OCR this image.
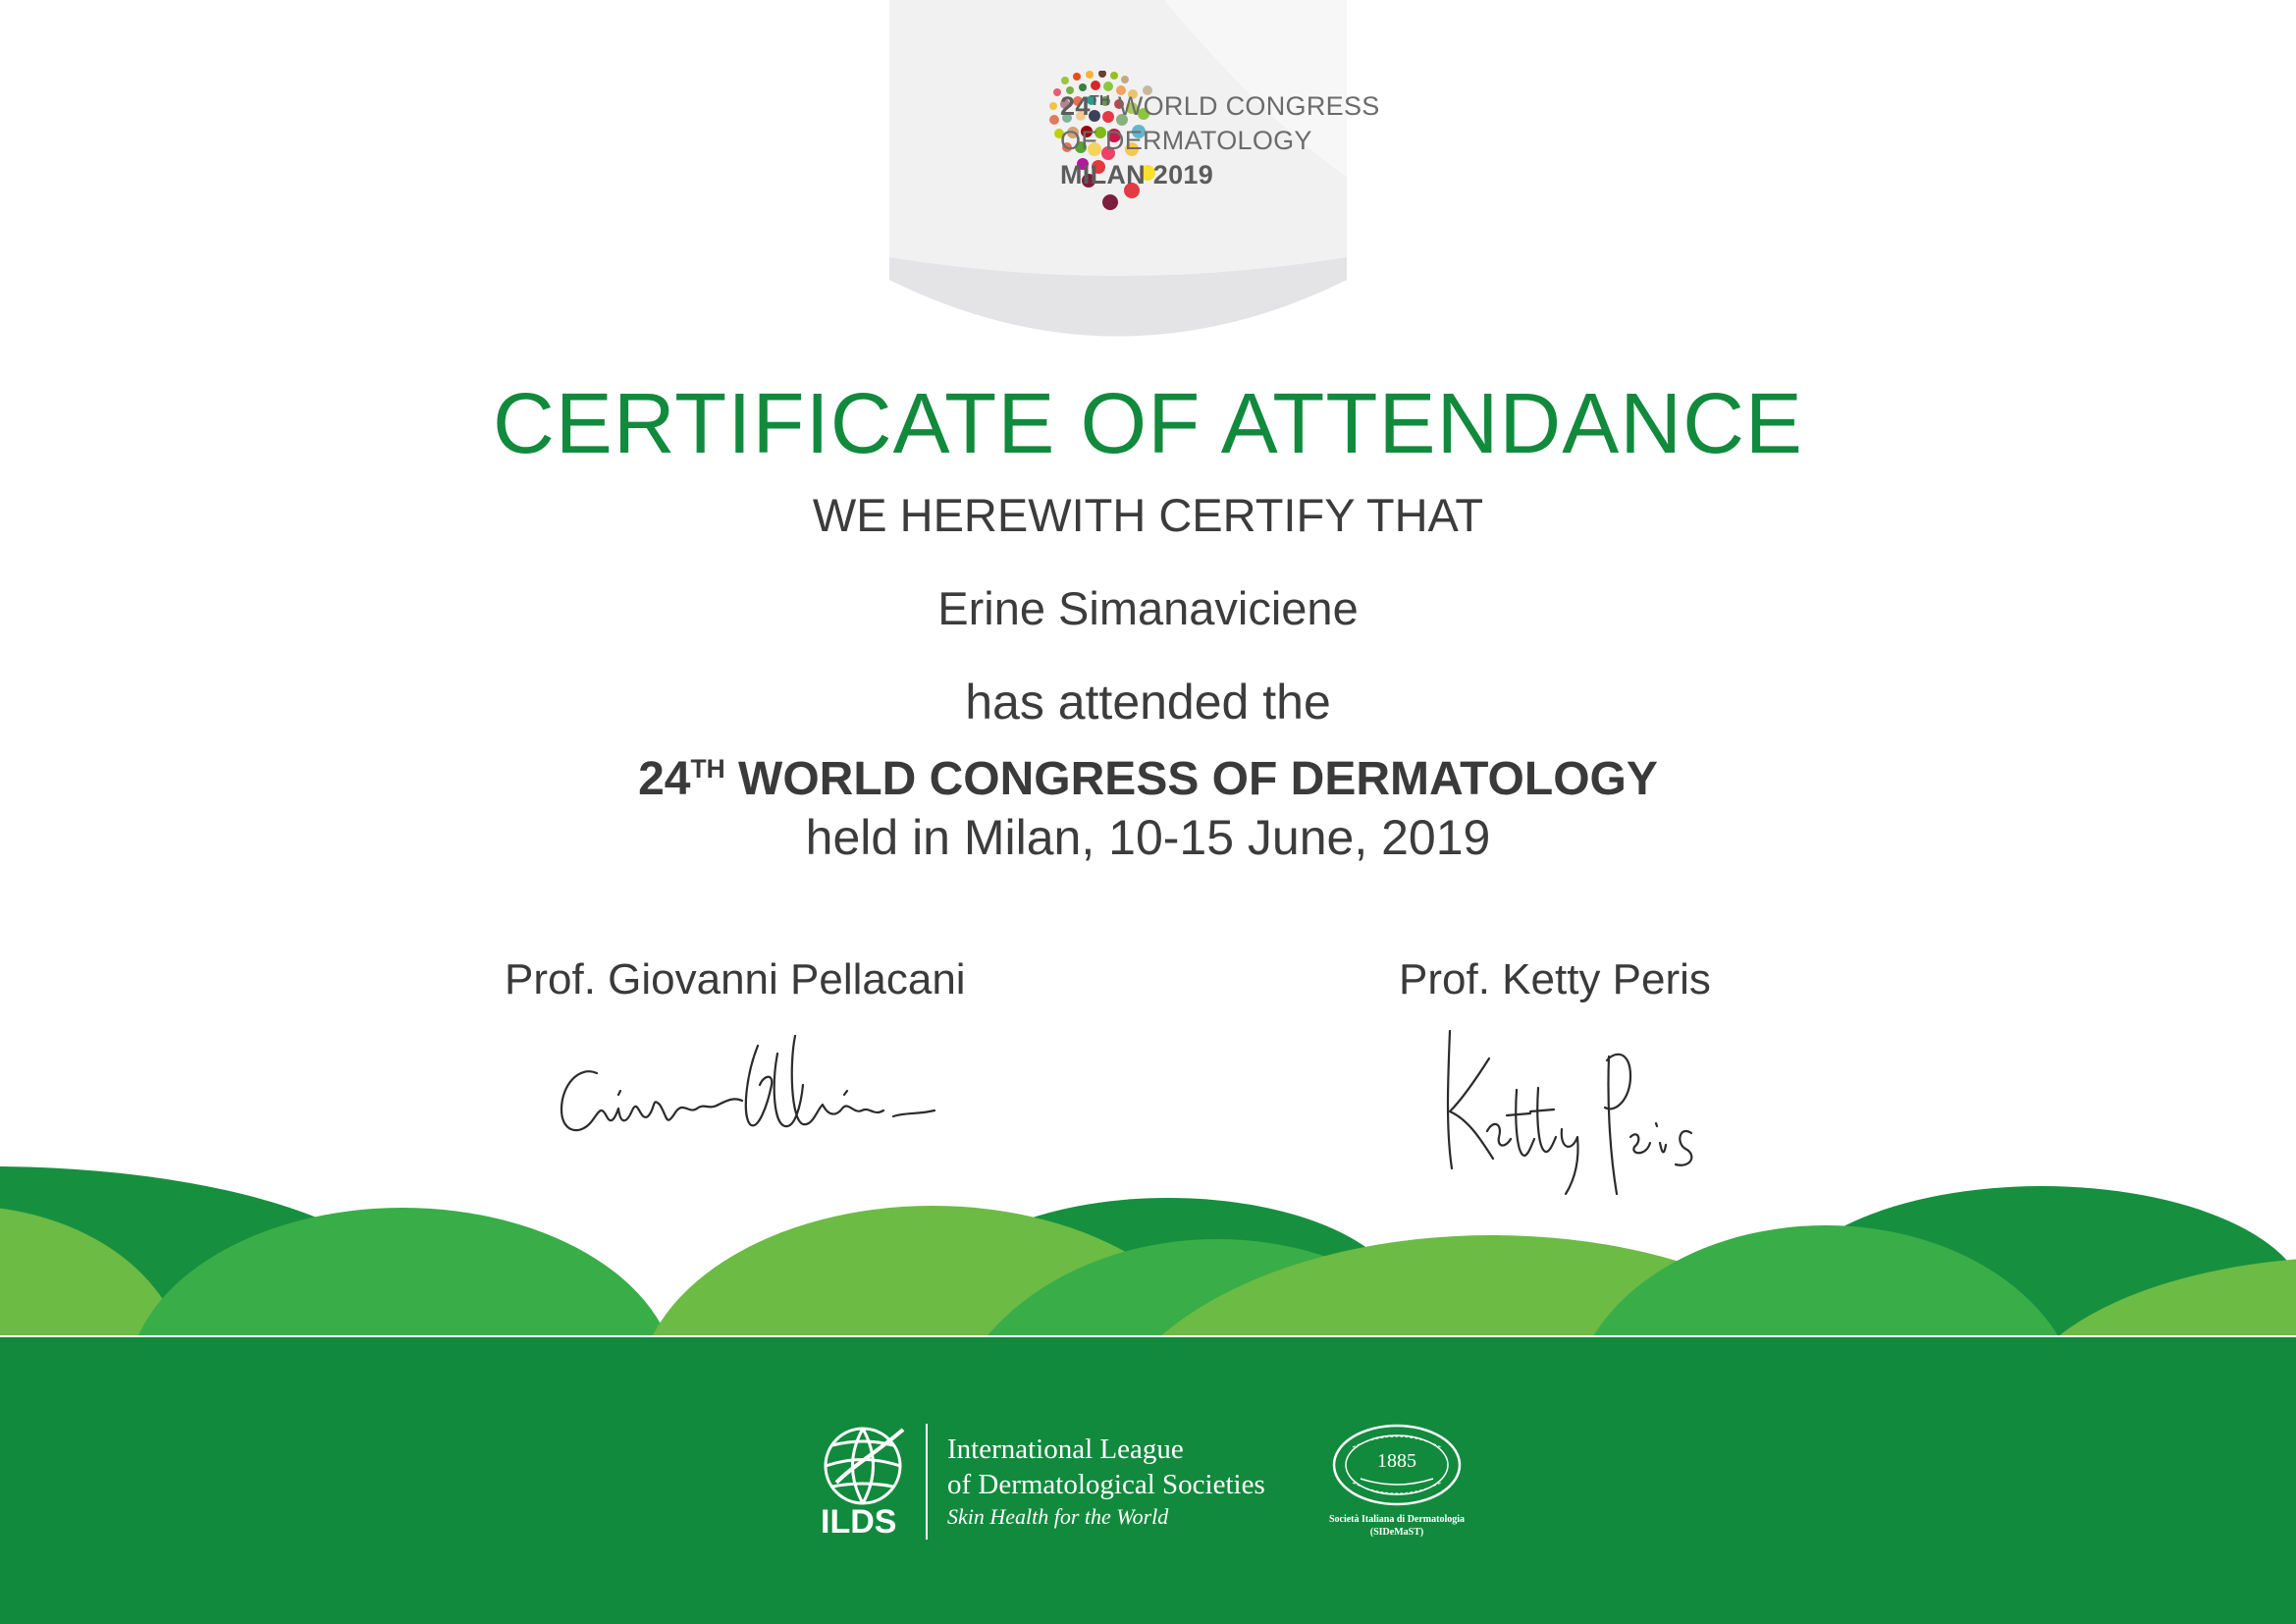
24TH WORLD CONGRESS
OF DERMATOLOGY
MILAN 2019
CERTIFICATE OF ATTENDANCE
WE HEREWITH CERTIFY THAT
Erine Simanaviciene
has attended the
24TH WORLD CONGRESS OF DERMATOLOGY
held in Milan, 10-15 June, 2019
Prof. Giovanni Pellacani	Prof. Ketty Peris
ILDS
International League
of Dermatological Societies
Skin Health for the World
1885
Società Italiana di Dermatologia
(SIDeMaST)
